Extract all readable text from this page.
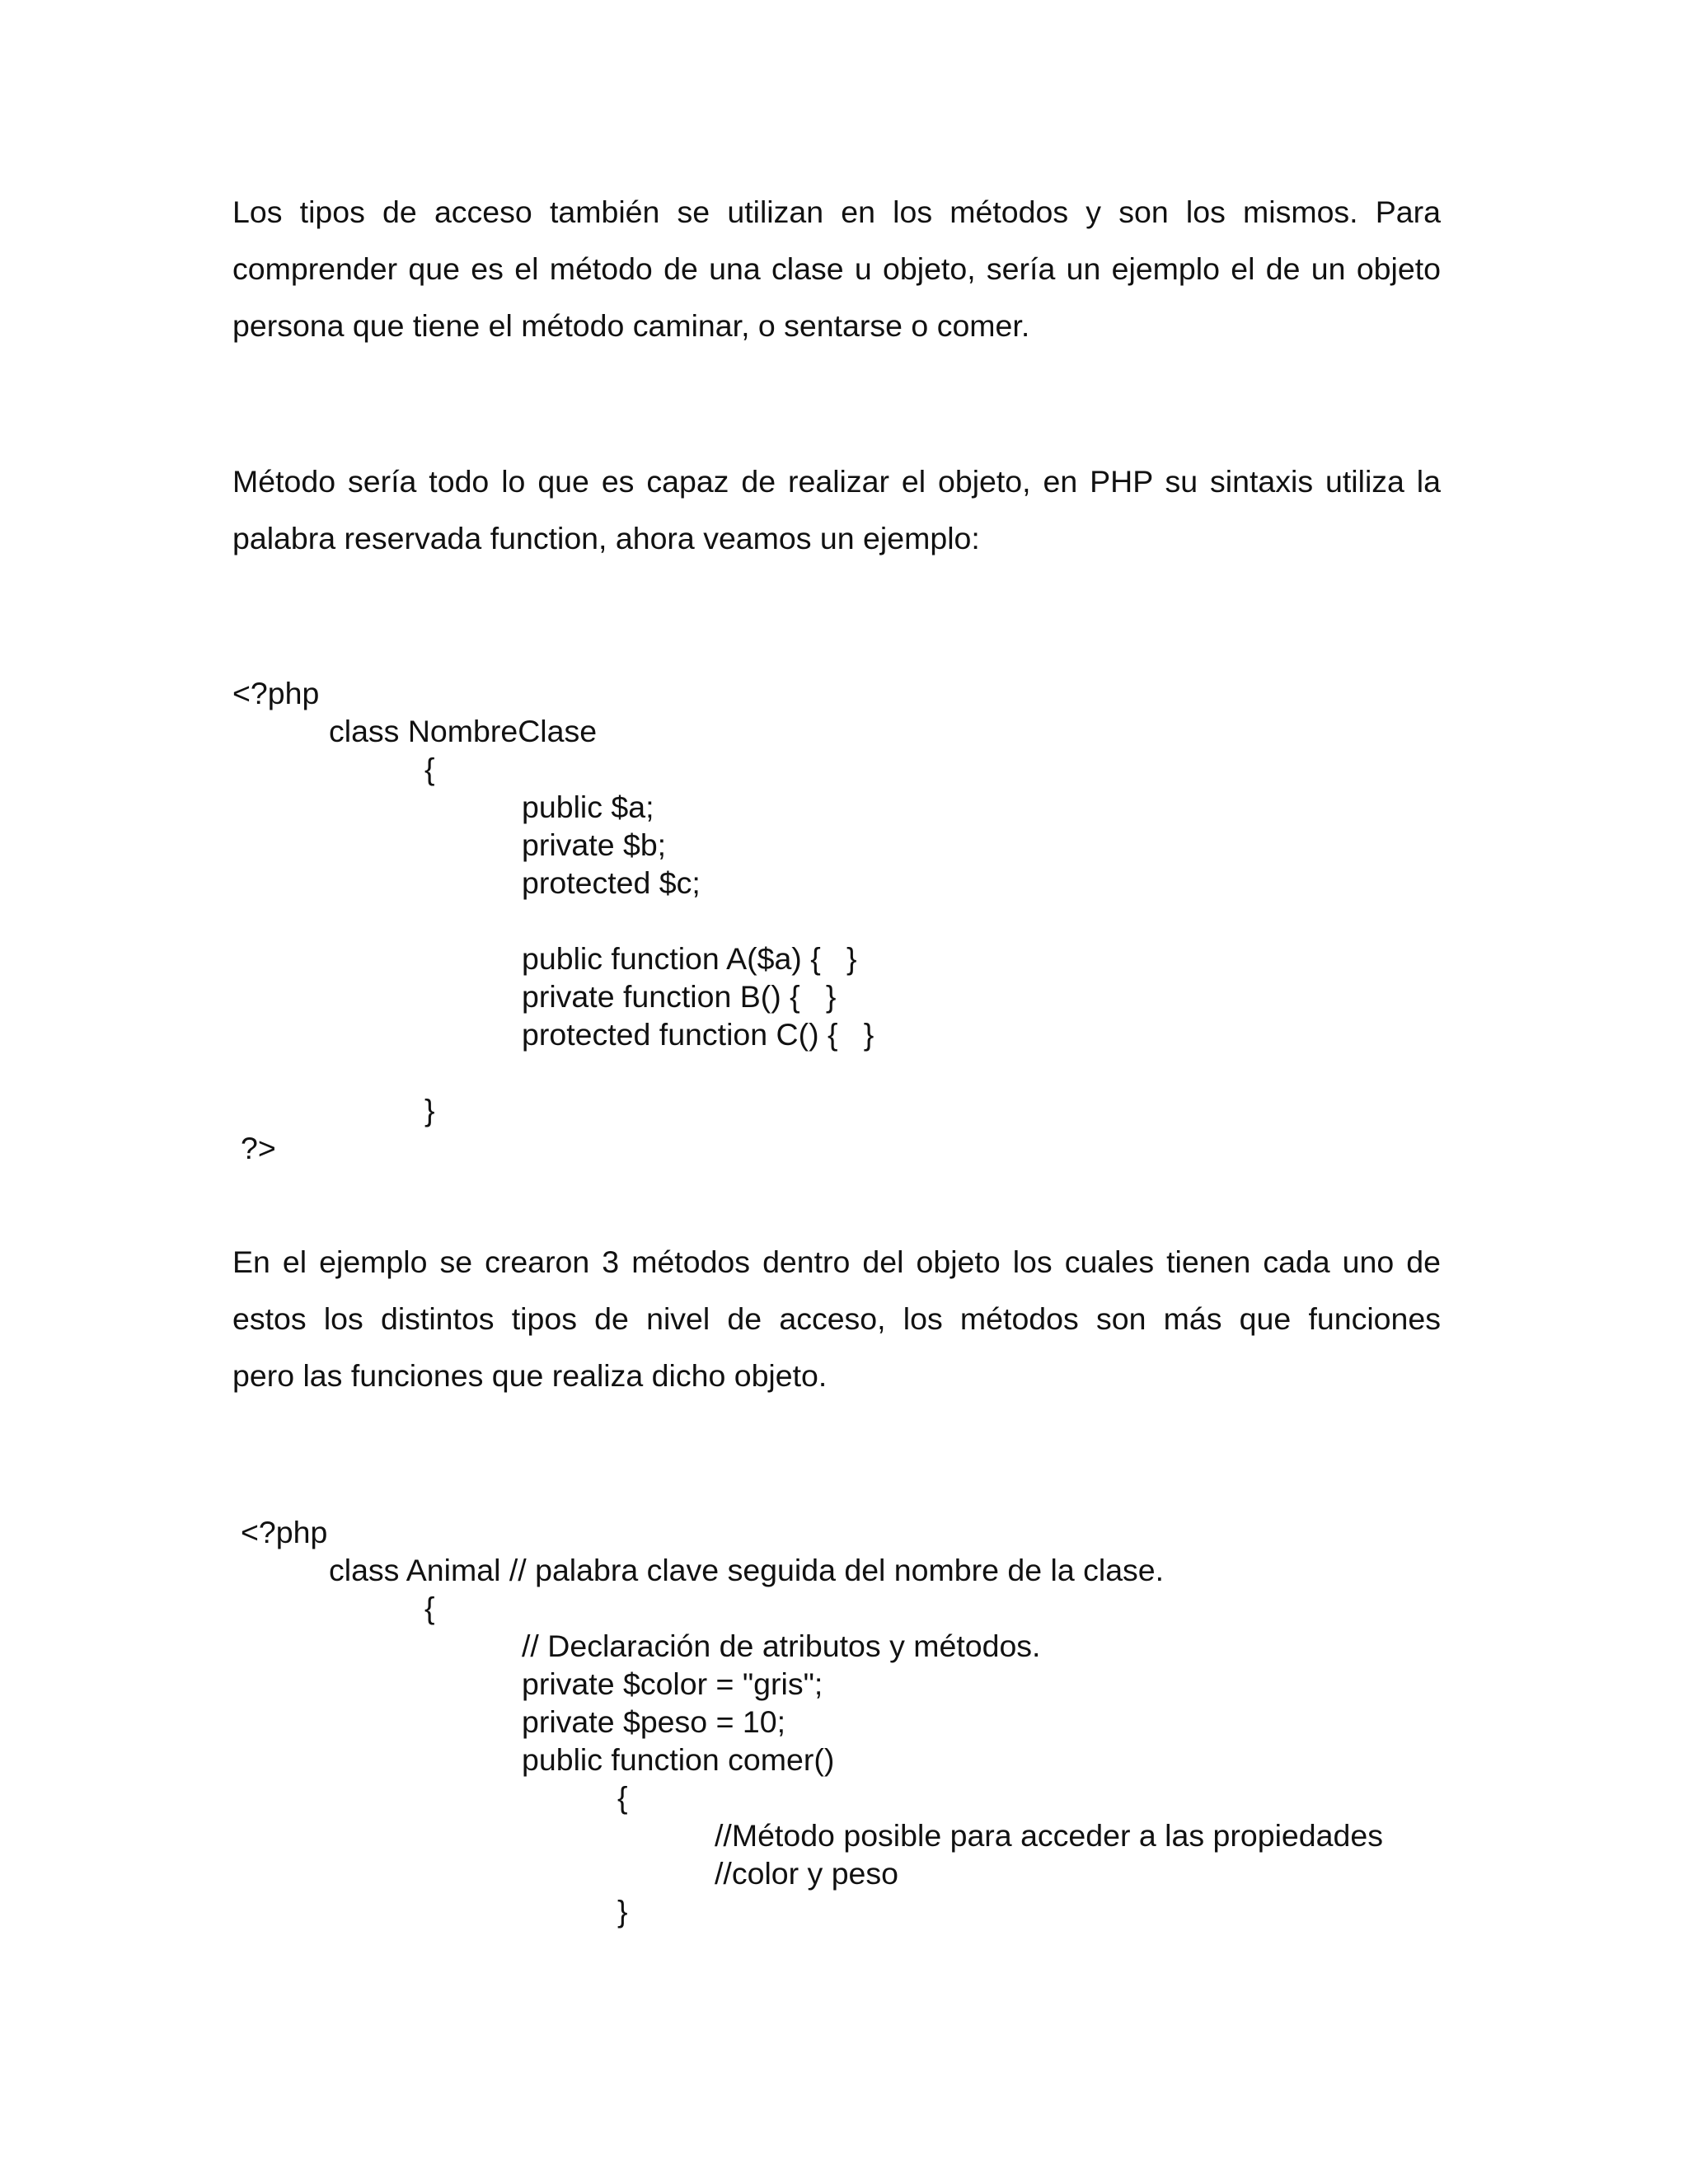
Los tipos de acceso también se utilizan en los métodos y son los mismos. Para
comprender que es el método de una clase u objeto, sería un ejemplo el de un objeto
persona que tiene el método caminar, o sentarse o comer.
Método sería todo lo que es capaz de realizar el objeto, en PHP su sintaxis utiliza la
palabra reservada function, ahora veamos un ejemplo:
<?php
class NombreClase
{
public $a;
private $b;
protected $c;
public function A($a) {   }
private function B() {   }
protected function C() {   }
}
?>
En el ejemplo se crearon 3 métodos dentro del objeto los cuales tienen cada uno de
estos los distintos tipos de nivel de acceso, los métodos son más que funciones
pero las funciones que realiza dicho objeto.
<?php
class Animal // palabra clave seguida del nombre de la clase.
{
// Declaración de atributos y métodos.
private $color = "gris";
private $peso = 10;
public function comer()
{
//Método posible para acceder a las propiedades
//color y peso
}
